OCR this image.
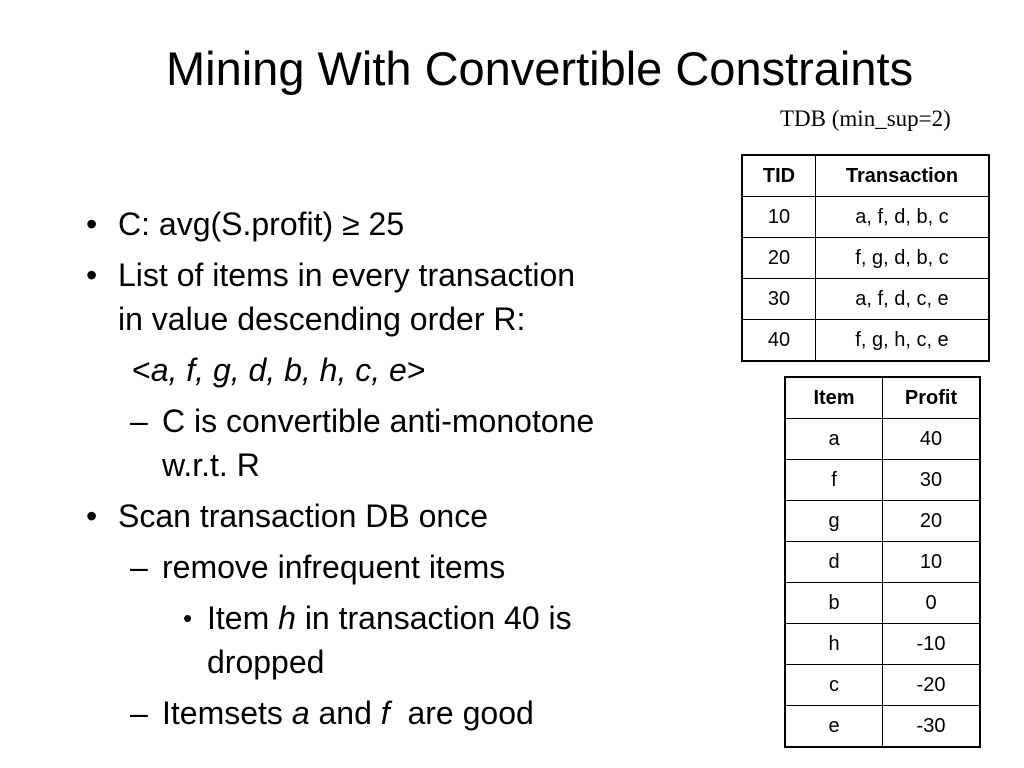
Mining With Convertible Constraints
TDB (min_sup=2)
• C: avg(S.profit) ≥ 25
• List of items in every transaction
in value descending order R:
<a, f, g, d, b, h, c, e>
– C is convertible anti-monotone
w.r.t. R
• Scan transaction DB once
– remove infrequent items
• Item h in transaction 40 is
dropped
– Itemsets a and f  are good
TID	Transaction
10	a, f, d, b, c
20	f, g, d, b, c
30	a, f, d, c, e
40	f, g, h, c, e
Item	Profit
a	40
f	30
g	20
d	10
b	0
h	-10
c	-20
e	-30
